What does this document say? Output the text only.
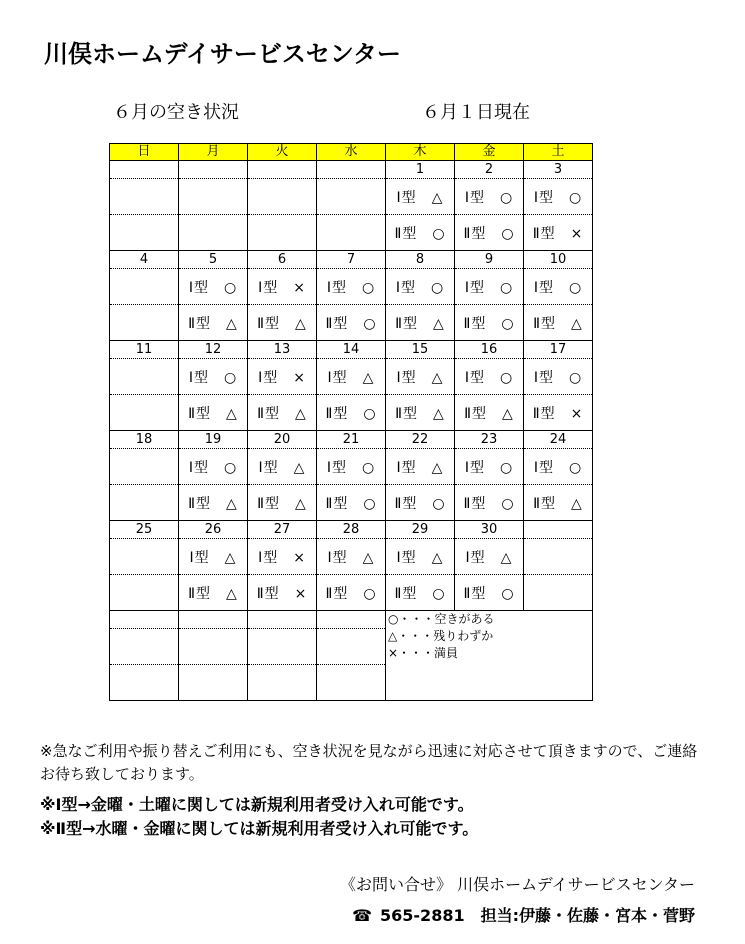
川俣ホームデイサービスセンター
６月の空き状況	６月１日現在
日	月	火	水	木	金	土
				1	2	3
				Ⅰ型　△	Ⅰ型　○	Ⅰ型　○
				Ⅱ型　○	Ⅱ型　○	Ⅱ型　×
4	5	6	7	8	9	10
	Ⅰ型　○	Ⅰ型　×	Ⅰ型　○	Ⅰ型　○	Ⅰ型　○	Ⅰ型　○
	Ⅱ型　△	Ⅱ型　△	Ⅱ型　○	Ⅱ型　△	Ⅱ型　○	Ⅱ型　△
11	12	13	14	15	16	17
	Ⅰ型　○	Ⅰ型　×	Ⅰ型　△	Ⅰ型　△	Ⅰ型　○	Ⅰ型　○
	Ⅱ型　△	Ⅱ型　△	Ⅱ型　○	Ⅱ型　△	Ⅱ型　△	Ⅱ型　×
18	19	20	21	22	23	24
	Ⅰ型　○	Ⅰ型　△	Ⅰ型　○	Ⅰ型　△	Ⅰ型　○	Ⅰ型　○
	Ⅱ型　△	Ⅱ型　△	Ⅱ型　○	Ⅱ型　○	Ⅱ型　○	Ⅱ型　△
25	26	27	28	29	30	
	Ⅰ型　△	Ⅰ型　×	Ⅰ型　△	Ⅰ型　△	Ⅰ型　△	
	Ⅱ型　△	Ⅱ型　×	Ⅱ型　○	Ⅱ型　○	Ⅱ型　○	

				○・・・空きがある
△・・・残りわずか
×・・・満員		

※急なご利用や振り替えご利用にも、空き状況を見ながら迅速に対応させて頂きますので、ご連絡お待ち致しております。
※Ⅰ型→金曜・土曜に関しては新規利用者受け入れ可能です。
※Ⅱ型→水曜・金曜に関しては新規利用者受け入れ可能です。
《お問い合せ》 川俣ホームデイサービスセンター
☎ 565-2881　担当:伊藤・佐藤・宮本・菅野
